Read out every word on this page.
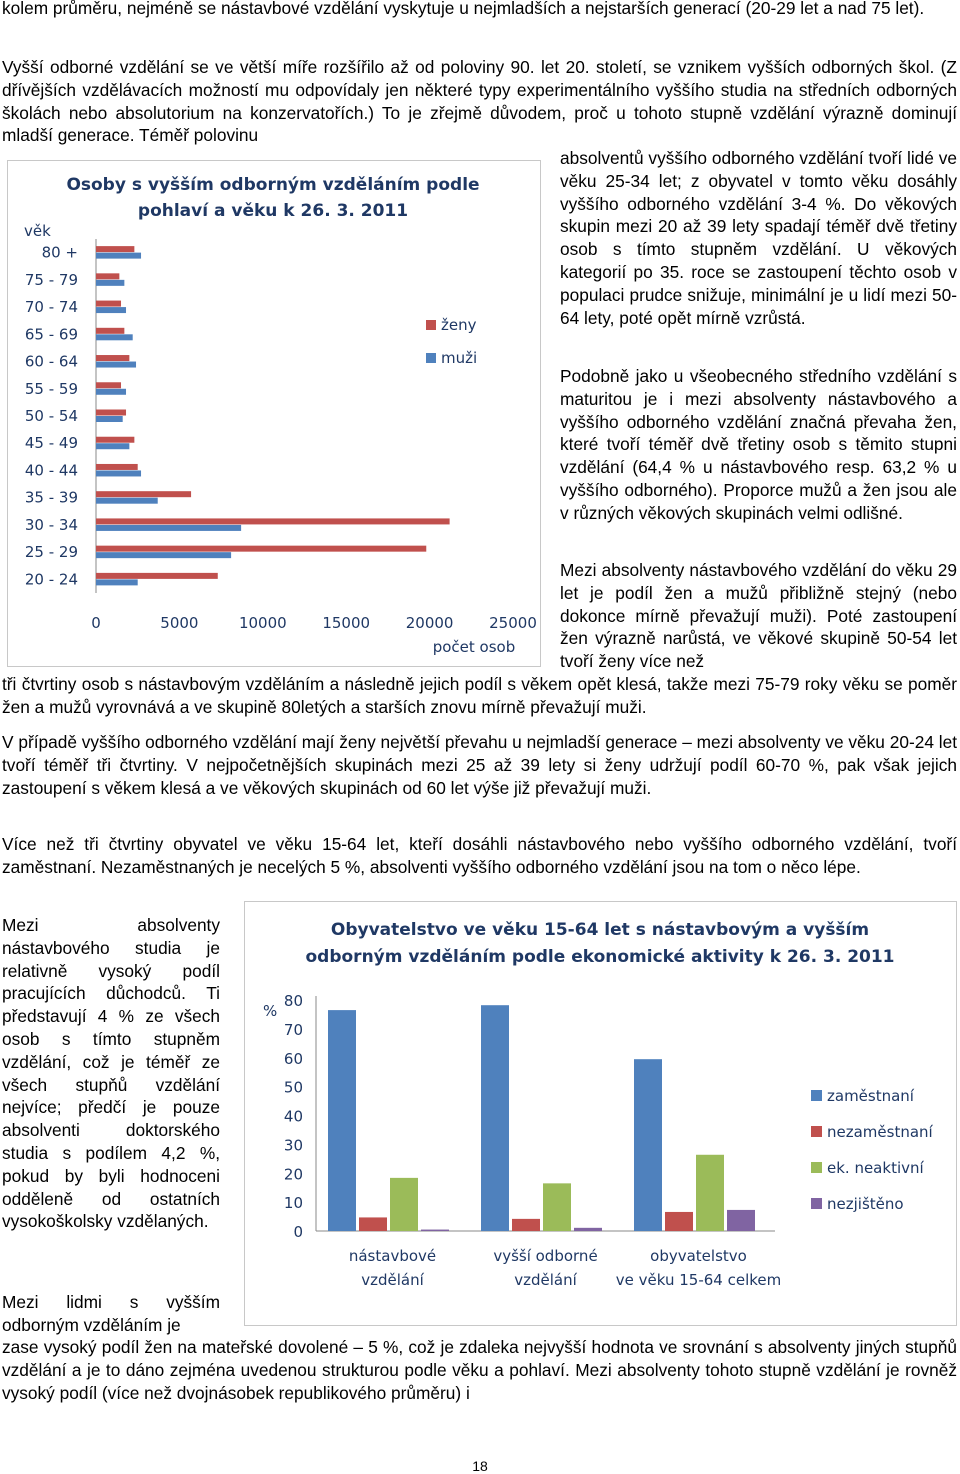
kolem průměru, nejméně se nástavbové vzdělání vyskytuje u nejmladších a nejstarších generací (20-29 let a nad 75 let).

Vyšší odborné vzdělání se ve větší míře rozšířilo až od poloviny 90. let 20. století, se vznikem vyšších odborných škol. (Z dřívějších vzdělávacích možností mu odpovídaly jen některé typy experimentálního vyššího studia na středních odborných školách nebo absolutorium na konzervatořích.) To je zřejmě důvodem, proč u tohoto stupně vzdělání výrazně dominují mladší generace. Téměř polovinu

absolventů vyššího odborného vzdělání tvoří lidé ve věku 25-34 let; z obyvatel v tomto věku dosáhly vyššího odborného vzdělání 3-4 %. Do věkových skupin mezi 20 až 39 lety spadají téměř dvě třetiny osob s tímto stupněm vzdělání. U věkových kategorií po 35. roce se zastoupení těchto osob v populaci prudce snižuje, minimální je u lidí mezi 50-64 lety, poté opět mírně vzrůstá.

Podobně jako u všeobecného středního vzdělání s maturitou je i mezi absolventy nástavbového a vyššího odborného vzdělání značná převaha žen, které tvoří téměř dvě třetiny osob s těmito stupni vzdělání (64,4 % u nástavbového resp. 63,2 % u vyššího odborného). Proporce mužů a žen jsou ale v různých věkových skupinách velmi odlišné.

Mezi absolventy nástavbového vzdělání do věku 29 let je podíl žen a mužů přibližně stejný (nebo dokonce mírně převažují muži). Poté zastoupení žen výrazně narůstá, ve věkové skupině 50-54 let tvoří ženy více než

tři čtvrtiny osob s nástavbovým vzděláním a následně jejich podíl s věkem opět klesá, takže mezi 75-79 roky věku se poměr žen a mužů vyrovnává a ve skupině 80letých a starších znovu mírně převažují muži.

V případě vyššího odborného vzdělání mají ženy největší převahu u nejmladší generace – mezi absolventy ve věku 20-24 let tvoří téměř tři čtvrtiny. V nejpočetnějších skupinách mezi 25 až 39 lety si ženy udržují podíl 60-70 %, pak však jejich zastoupení s věkem klesá a ve věkových skupinách od 60 let výše již převažují muži.

Více než tři čtvrtiny obyvatel ve věku 15-64 let, kteří dosáhli nástavbového nebo vyššího odborného vzdělání, tvoří zaměstnaní. Nezaměstnaných je necelých 5 %, absolventi vyššího odborného vzdělání jsou na tom o něco lépe.

Mezi absolventy nástavbového studia je relativně vysoký podíl pracujících důchodců. Ti představují 4 % ze všech osob s tímto stupněm vzdělání, což je téměř ze všech stupňů vzdělání nejvíce; předčí je pouze absolventi doktorského studia s podílem 4,2 %, pokud by byli hodnoceni odděleně od ostatních vysokoškolsky vzdělaných.

Mezi lidmi s vyšším odborným vzděláním je

zase vysoký podíl žen na mateřské dovolené – 5 %, což je zdaleka nejvyšší hodnota ve srovnání s absolventy jiných stupňů vzdělání a je to dáno zejména uvedenou strukturou podle věku a pohlaví. Mezi absolventy tohoto stupně vzdělání je rovněž vysoký podíl (více než dvojnásobek republikového průměru) i

Osoby s vyšším odborným vzděláním podle
pohlaví a věku k 26. 3. 2011
věk
počet osob
0	5000	10000 15000 20000 25000
80 +
75 - 79
70 - 74
65 - 69
60 - 64
55 - 59
50 - 54
45 - 49
40 - 44
35 - 39
30 - 34
25 - 29
20 - 24
ženy
muži
Obyvatelstvo ve věku 15-64 let s nástavbovým a vyšším
odborným vzděláním podle ekonomické aktivity k 26. 3. 2011
%
0
10
20
30
40
50
60
70
80
nástavbové
vzdělání
vyšší odborné
vzdělání
obyvatelstvo
ve věku 15-64 celkem
zaměstnaní
nezaměstnaní
ek. neaktivní
nezjištěno
18
